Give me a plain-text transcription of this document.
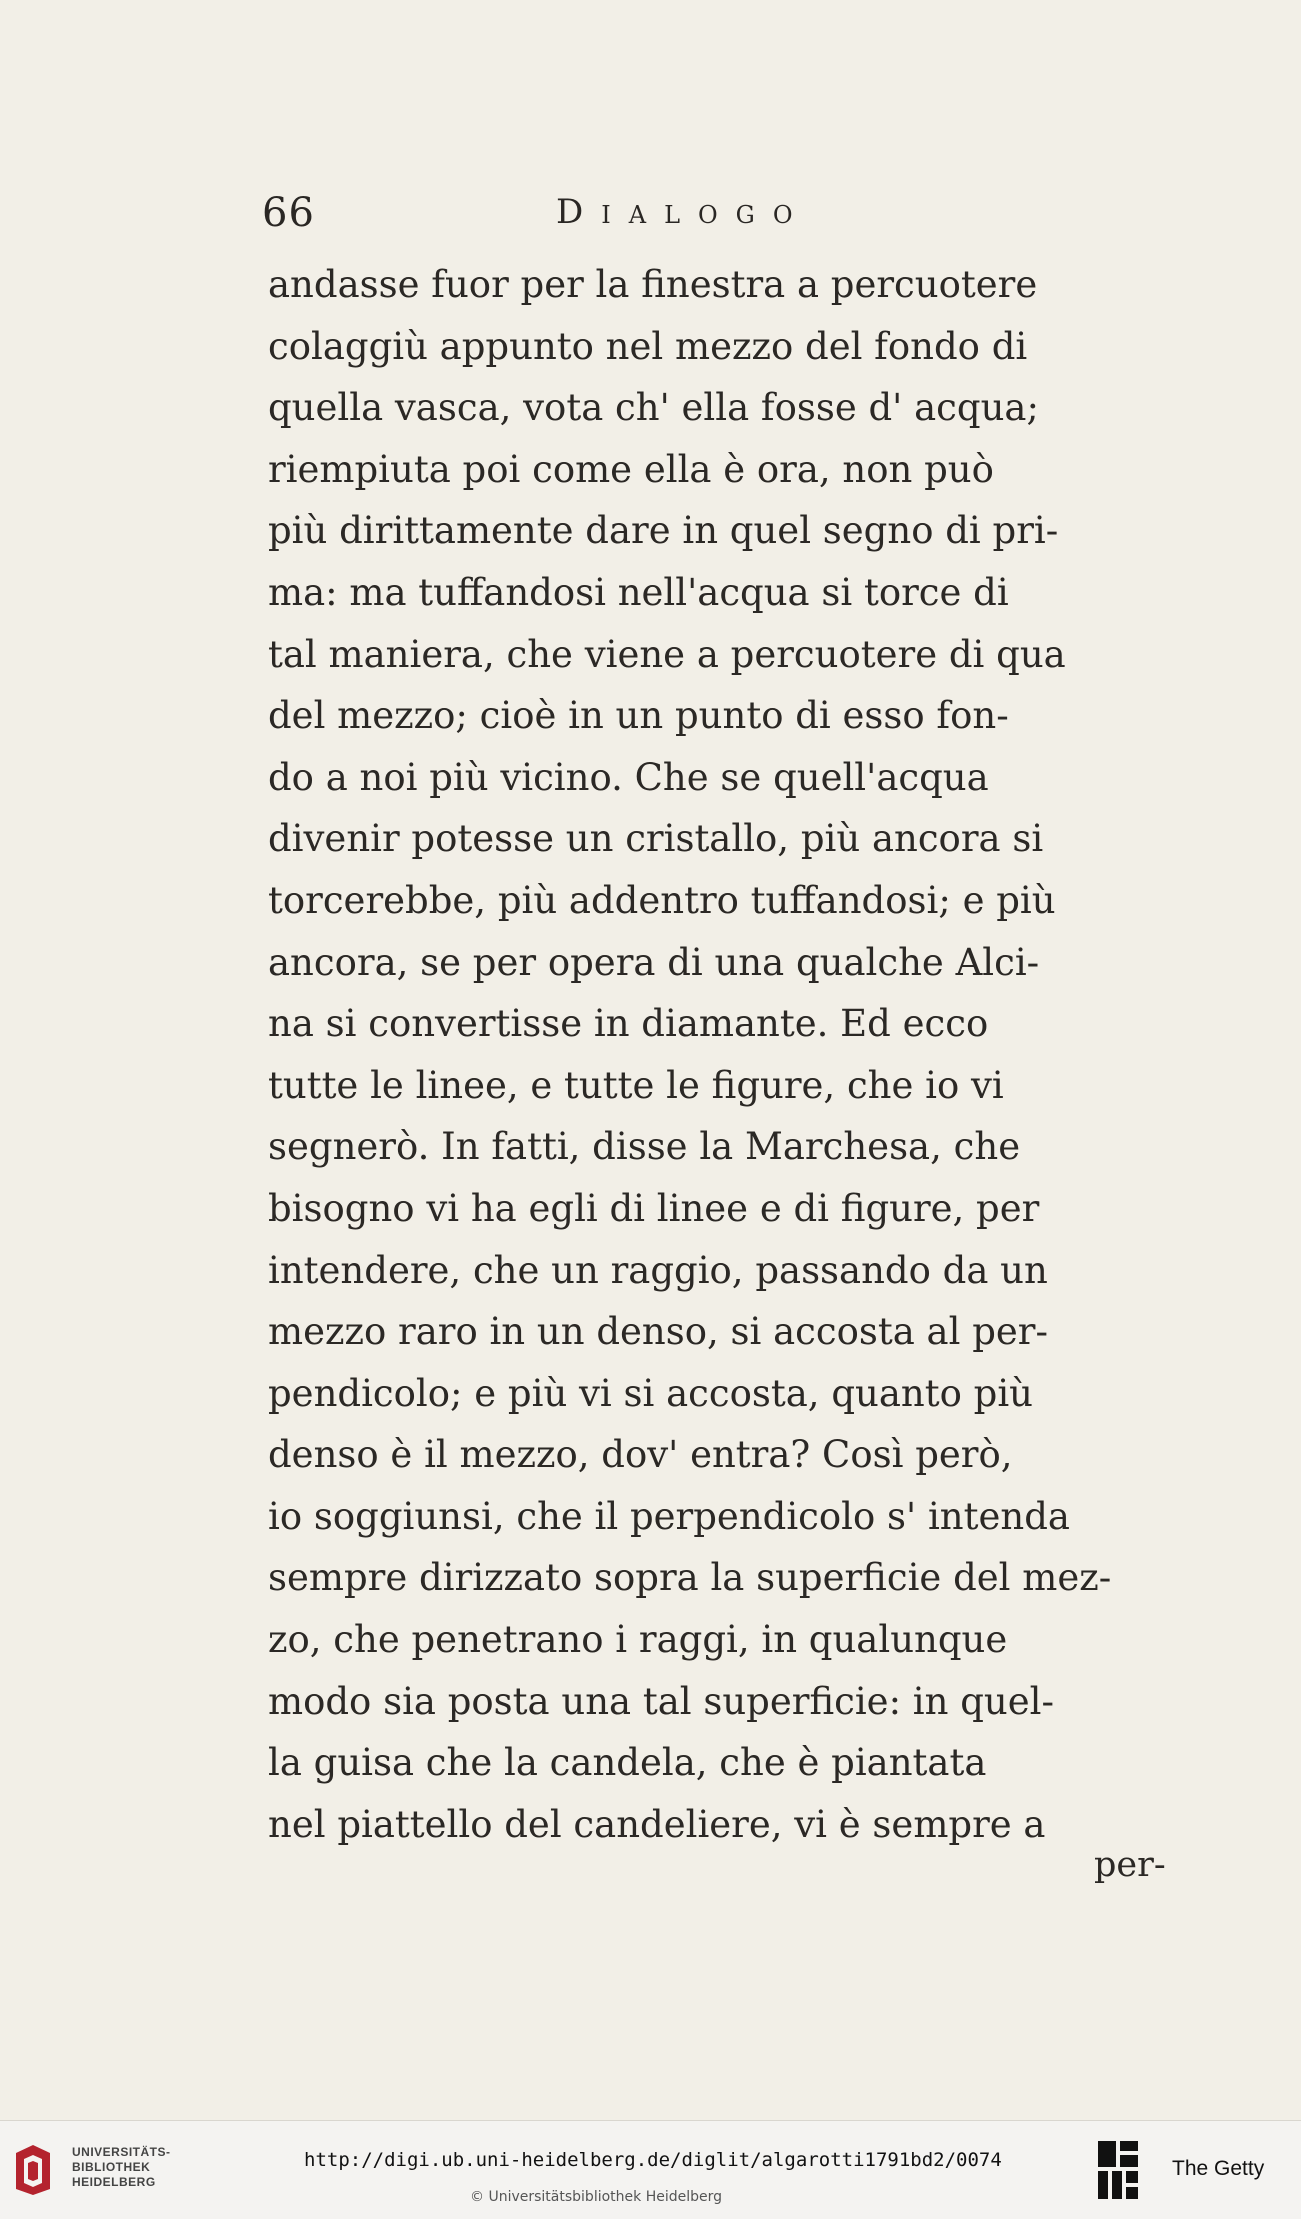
66	Dialogo
andasse fuor per la finestra a percuotere
colaggiù appunto nel mezzo del fondo di
quella vasca, vota ch' ella fosse d' acqua;
riempiuta poi come ella è ora, non può
più dirittamente dare in quel segno di pri-
ma: ma tuffandosi nell'acqua si torce di
tal maniera, che viene a percuotere di qua
del mezzo; cioè in un punto di esso fon-
do a noi più vicino. Che se quell'acqua
divenir potesse un cristallo, più ancora si
torcerebbe, più addentro tuffandosi; e più
ancora, se per opera di una qualche Alci-
na si convertisse in diamante. Ed ecco
tutte le linee, e tutte le figure, che io vi
segnerò. In fatti, disse la Marchesa, che
bisogno vi ha egli di linee e di figure, per
intendere, che un raggio, passando da un
mezzo raro in un denso, si accosta al per-
pendicolo; e più vi si accosta, quanto più
denso è il mezzo, dov' entra? Così però,
io soggiunsi, che il perpendicolo s' intenda
sempre dirizzato sopra la superficie del mez-
zo, che penetrano i raggi, in qualunque
modo sia posta una tal superficie: in quel-
la guisa che la candela, che è piantata
nel piattello del candeliere, vi è sempre a
per-
UNIVERSITÄTS-
BIBLIOTHEK
HEIDELBERG
http://digi.ub.uni-heidelberg.de/diglit/algarotti1791bd2/0074
© Universitätsbibliothek Heidelberg
The Getty
